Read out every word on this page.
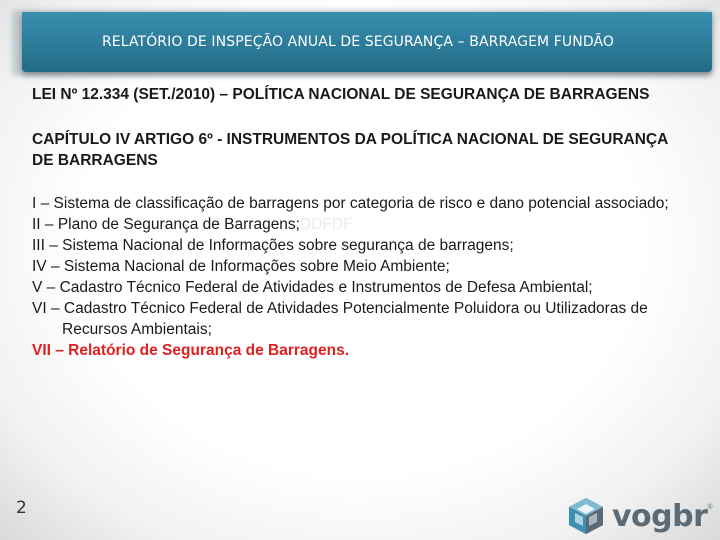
RELATÓRIO DE INSPEÇÃO ANUAL DE SEGURANÇA – BARRAGEM FUNDÃO

LEI Nº 12.334 (SET./2010) – POLÍTICA NACIONAL DE SEGURANÇA DE BARRAGENS

CAPÍTULO IV ARTIGO 6º - INSTRUMENTOS DA POLÍTICA NACIONAL DE SEGURANÇA DE BARRAGENS

I – Sistema de classificação de barragens por categoria de risco e dano potencial associado;
II – Plano de Segurança de Barragens;DDFDF
III – Sistema Nacional de Informações sobre segurança de barragens;
IV – Sistema Nacional de Informações sobre Meio Ambiente;
V – Cadastro Técnico Federal de Atividades e Instrumentos de Defesa Ambiental;
VI – Cadastro Técnico Federal de Atividades Potencialmente Poluidora ou Utilizadoras de Recursos Ambientais;
VII – Relatório de Segurança de Barragens.
2	vogbr ®
